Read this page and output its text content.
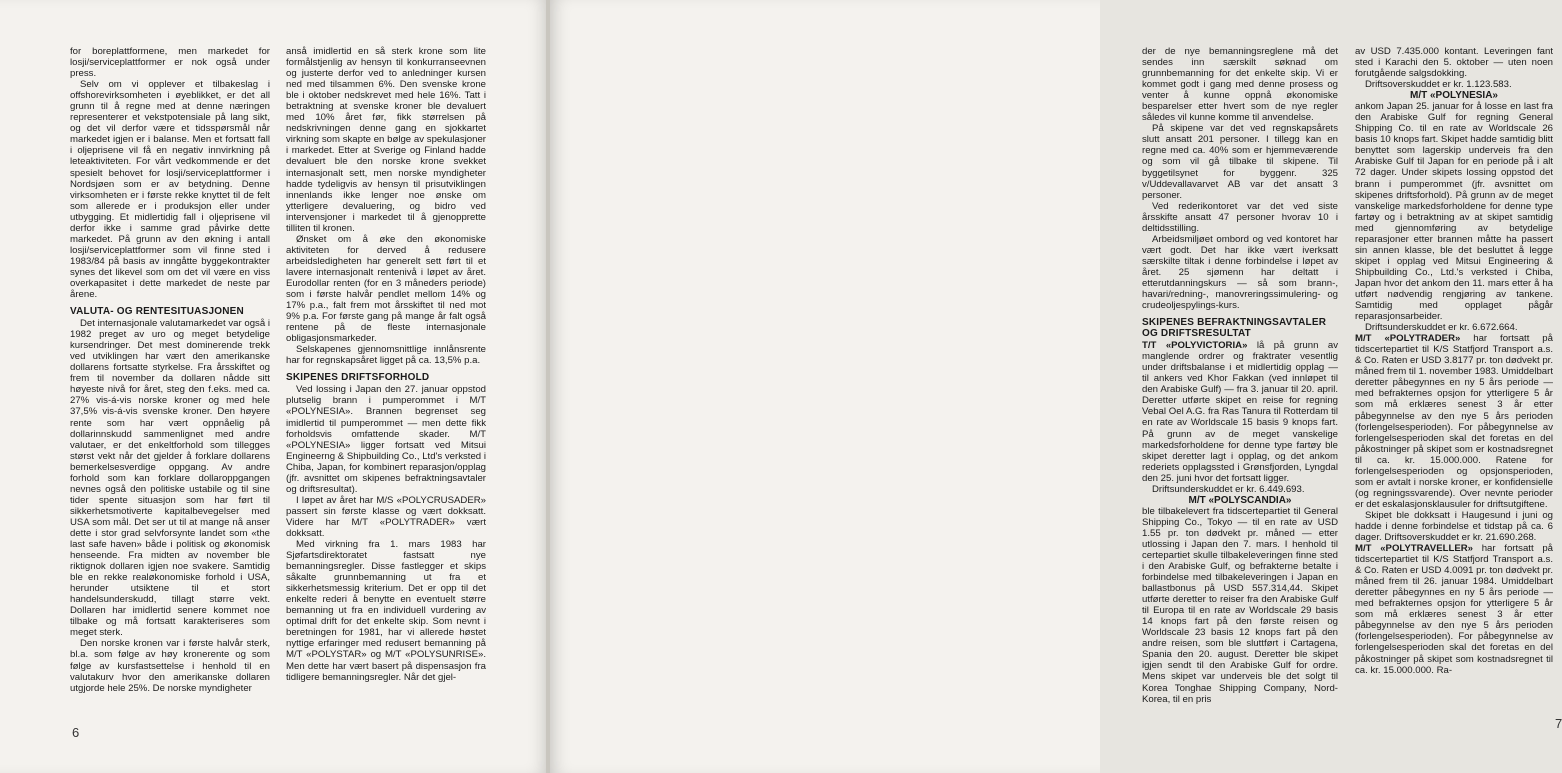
for boreplattformene, men markedet for losji/serviceplattformer er nok også under press.

Selv om vi opplever et tilbakeslag i offshorevirksomheten i øyeblikket, er det all grunn til å regne med at denne næringen representerer et vekstpotensiale på lang sikt, og det vil derfor være et tidsspørsmål når markedet igjen er i balanse. Men et fortsatt fall i oljeprisene vil få en negativ innvirkning på leteaktiviteten. For vårt vedkommende er det spesielt behovet for losji/serviceplattformer i Nordsjøen som er av betydning. Denne virksomheten er i første rekke knyttet til de felt som allerede er i produksjon eller under utbygging. Et midlertidig fall i oljeprisene vil derfor ikke i samme grad påvirke dette markedet. På grunn av den økning i antall losji/serviceplattformer som vil finne sted i 1983/84 på basis av inngåtte byggekontrakter synes det likevel som om det vil være en viss overkapasitet i dette markedet de neste par årene.

VALUTA- OG RENTESITUASJONEN

Det internasjonale valutamarkedet var også i 1982 preget av uro og meget betydelige kursendringer. Det mest dominerende trekk ved utviklingen har vært den amerikanske dollarens fortsatte styrkelse. Fra årsskiftet og frem til november da dollaren nådde sitt høyeste nivå for året, steg den f.eks. med ca. 27% vis-á-vis norske kroner og med hele 37,5% vis-á-vis svenske kroner. Den høyere rente som har vært oppnåelig på dollarinnskudd sammenlignet med andre valutaer, er det enkeltforhold som tillegges størst vekt når det gjelder å forklare dollarens bemerkelsesverdige oppgang. Av andre forhold som kan forklare dollaroppgangen nevnes også den politiske ustabile og til sine tider spente situasjon som har ført til sikkerhetsmotiverte kapitalbevegelser med USA som mål. Det ser ut til at mange nå anser dette i stor grad selvforsynte landet som «the last safe haven» både i politisk og økonomisk henseende. Fra midten av november ble riktignok dollaren igjen noe svakere. Samtidig ble en rekke realøkonomiske forhold i USA, herunder utsiktene til et stort handelsunderskudd, tillagt større vekt. Dollaren har imidlertid senere kommet noe tilbake og må fortsatt karakteriseres som meget sterk.

Den norske kronen var i første halvår sterk, bl.a. som følge av høy kronerente og som følge av kursfastsettelse i henhold til en valutakurv hvor den amerikanske dollaren utgjorde hele 25%. De norske myndigheter

anså imidlertid en så sterk krone som lite formålstjenlig av hensyn til konkurranseevnen og justerte derfor ved to anledninger kursen ned med tilsammen 6%. Den svenske krone ble i oktober nedskrevet med hele 16%. Tatt i betraktning at svenske kroner ble devaluert med 10% året før, fikk størrelsen på nedskrivningen denne gang en sjokkartet virkning som skapte en bølge av spekulasjoner i markedet. Etter at Sverige og Finland hadde devaluert ble den norske krone svekket internasjonalt sett, men norske myndigheter hadde tydeligvis av hensyn til prisutviklingen innenlands ikke lenger noe ønske om ytterligere devaluering, og bidro ved intervensjoner i markedet til å gjenopprette tilliten til kronen.

Ønsket om å øke den økonomiske aktiviteten for derved å redusere arbeidsledigheten har generelt sett ført til et lavere internasjonalt rentenivå i løpet av året. Eurodollar renten (for en 3 måneders periode) som i første halvår pendlet mellom 14% og 17% p.a., falt frem mot årsskiftet til ned mot 9% p.a. For første gang på mange år falt også rentene på de fleste internasjonale obligasjonsmarkeder.

Selskapenes gjennomsnittlige innlånsrente har for regnskapsåret ligget på ca. 13,5% p.a.

SKIPENES DRIFTSFORHOLD

Ved lossing i Japan den 27. januar oppstod plutselig brann i pumperommet i M/T «POLYNESIA». Brannen begrenset seg imidlertid til pumperommet — men dette fikk forholdsvis omfattende skader. M/T «POLYNESIA» ligger fortsatt ved Mitsui Engineerng & Shipbuilding Co., Ltd's verksted i Chiba, Japan, for kombinert reparasjon/opplag (jfr. avsnittet om skipenes befraktningsavtaler og driftsresultat).

I løpet av året har M/S «POLYCRUSADER» passert sin første klasse og vært dokksatt. Videre har M/T «POLYTRADER» vært dokksatt.

Med virkning fra 1. mars 1983 har Sjøfartsdirektoratet fastsatt nye bemanningsregler. Disse fastlegger et skips såkalte grunnbemanning ut fra et sikkerhetsmessig kriterium. Det er opp til det enkelte rederi å benytte en eventuelt større bemanning ut fra en individuell vurdering av optimal drift for det enkelte skip. Som nevnt i beretningen for 1981, har vi allerede høstet nyttige erfaringer med redusert bemanning på M/T «POLYSTAR» og M/T «POLYSUNRISE». Men dette har vært basert på dispensasjon fra tidligere bemanningsregler. Når det gjel-

6

der de nye bemanningsreglene må det sendes inn særskilt søknad om grunnbemanning for det enkelte skip. Vi er kommet godt i gang med denne prosess og venter å kunne oppnå økonomiske besparelser etter hvert som de nye regler således vil kunne komme til anvendelse.

På skipene var det ved regnskapsårets slutt ansatt 201 personer. I tillegg kan en regne med ca. 40% som er hjemmeværende og som vil gå tilbake til skipene. Til byggetilsynet for byggenr. 325 v/Uddevallavarvet AB var det ansatt 3 personer.

Ved rederikontoret var det ved siste årsskifte ansatt 47 personer hvorav 10 i deltidsstilling.

Arbeidsmiljøet ombord og ved kontoret har vært godt. Det har ikke vært iverksatt særskilte tiltak i denne forbindelse i løpet av året. 25 sjømenn har deltatt i etterutdanningskurs — så som brann-, havari/redning-, manovreringssimulering- og crudeoljespylings-kurs.

SKIPENES BEFRAKTNINGSAVTALER OG DRIFTSRESULTAT

T/T «POLYVICTORIA» lå på grunn av manglende ordrer og fraktrater vesentlig under driftsbalanse i et midlertidig opplag — til ankers ved Khor Fakkan (ved innløpet til den Arabiske Gulf) — fra 3. januar til 20. april. Deretter utførte skipet en reise for regning Vebal Oel A.G. fra Ras Tanura til Rotterdam til en rate av Worldscale 15 basis 9 knops fart. På grunn av de meget vanskelige markedsforholdene for denne type fartøy ble skipet deretter lagt i opplag, og det ankom rederiets opplagssted i Grønsfjorden, Lyngdal den 25. juni hvor det fortsatt ligger.

Driftsunderskuddet er kr. 6.449.693.

M/T «POLYSCANDIA»

ble tilbakelevert fra tidscertepartiet til General Shipping Co., Tokyo — til en rate av USD 1.55 pr. ton dødvekt pr. måned — etter utlossing i Japan den 7. mars. I henhold til certepartiet skulle tilbakeleveringen finne sted i den Arabiske Gulf, og befrakterne betalte i forbindelse med tilbakeleveringen i Japan en ballastbonus på USD 557.314,44. Skipet utførte deretter to reiser fra den Arabiske Gulf til Europa til en rate av Worldscale 29 basis 14 knops fart på den første reisen og Worldscale 23 basis 12 knops fart på den andre reisen, som ble sluttført i Cartagena, Spania den 20. august. Deretter ble skipet igjen sendt til den Arabiske Gulf for ordre. Mens skipet var underveis ble det solgt til Korea Tonghae Shipping Company, Nord-Korea, til en pris

av USD 7.435.000 kontant. Leveringen fant sted i Karachi den 5. oktober — uten noen forutgående salgsdokking.

Driftsoverskuddet er kr. 1.123.583.

M/T «POLYNESIA»

ankom Japan 25. januar for å losse en last fra den Arabiske Gulf for regning General Shipping Co. til en rate av Worldscale 26 basis 10 knops fart. Skipet hadde samtidig blitt benyttet som lagerskip underveis fra den Arabiske Gulf til Japan for en periode på i alt 72 dager. Under skipets lossing oppstod det brann i pumperommet (jfr. avsnittet om skipenes driftsforhold). På grunn av de meget vanskelige markedsforholdene for denne type fartøy og i betraktning av at skipet samtidig med gjennomføring av betydelige reparasjoner etter brannen måtte ha passert sin annen klasse, ble det besluttet å legge skipet i opplag ved Mitsui Engineering & Shipbuilding Co., Ltd.'s verksted i Chiba, Japan hvor det ankom den 11. mars etter å ha utført nødvendig rengjøring av tankene. Samtidig med opplaget pågår reparasjonsarbeider.

Driftsunderskuddet er kr. 6.672.664.

M/T «POLYTRADER» har fortsatt på tidscertepartiet til K/S Statfjord Transport a.s. & Co. Raten er USD 3.8177 pr. ton dødvekt pr. måned frem til 1. november 1983. Umiddelbart deretter påbegynnes en ny 5 års periode — med befrakternes opsjon for ytterligere 5 år som må erklæres senest 3 år etter påbegynnelse av den nye 5 års perioden (forlengelsesperioden). For påbegynnelse av forlengelsesperioden skal det foretas en del påkostninger på skipet som er kostnadsregnet til ca. kr. 15.000.000. Ratene for forlengelsesperioden og opsjonsperioden, som er avtalt i norske kroner, er konfidensielle (og regningssvarende). Over nevnte perioder er det eskalasjonsklausuler for driftsutgiftene.

Skipet ble dokksatt i Haugesund i juni og hadde i denne forbindelse et tidstap på ca. 6 dager. Driftsoverskuddet er kr. 21.690.268.

M/T «POLYTRAVELLER» har fortsatt på tidscertepartiet til K/S Statfjord Transport a.s. & Co. Raten er USD 4.0091 pr. ton dødvekt pr. måned frem til 26. januar 1984. Umiddelbart deretter påbegynnes en ny 5 års periode — med befrakternes opsjon for ytterligere 5 år som må erklæres senest 3 år etter påbegynnelse av den nye 5 års perioden (forlengelsesperioden). For påbegynnelse av forlengelsesperioden skal det foretas en del påkostninger på skipet som kostnadsregnet til ca. kr. 15.000.000. Ra-

7
